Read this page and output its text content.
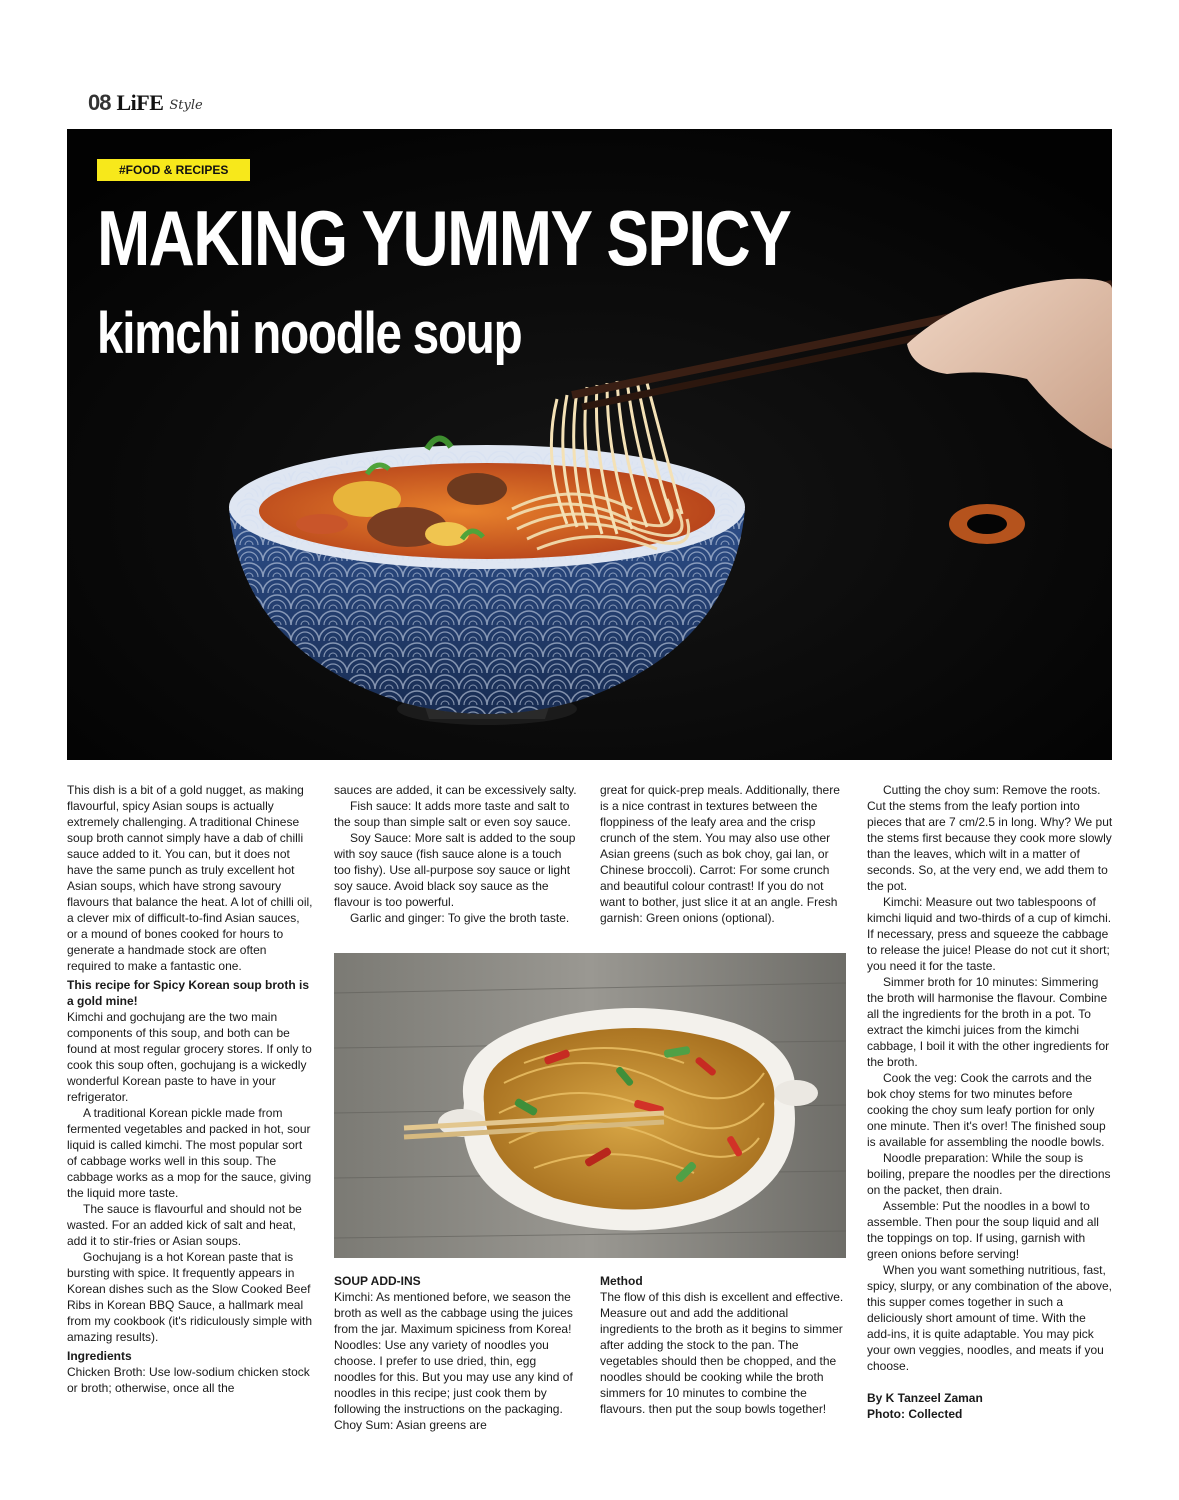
08 LiFE Style
#FOOD & RECIPES
MAKING YUMMY SPICY
kimchi noodle soup

This dish is a bit of a gold nugget, as making flavourful, spicy Asian soups is actually extremely challenging. A traditional Chinese soup broth cannot simply have a dab of chilli sauce added to it. You can, but it does not have the same punch as truly excellent hot Asian soups, which have strong savoury flavours that balance the heat. A lot of chilli oil, a clever mix of difficult-to-find Asian sauces, or a mound of bones cooked for hours to generate a handmade stock are often required to make a fantastic one.

This recipe for Spicy Korean soup broth is a gold mine!

Kimchi and gochujang are the two main components of this soup, and both can be found at most regular grocery stores. If only to cook this soup often, gochujang is a wickedly wonderful Korean paste to have in your refrigerator.

A traditional Korean pickle made from fermented vegetables and packed in hot, sour liquid is called kimchi. The most popular sort of cabbage works well in this soup. The cabbage works as a mop for the sauce, giving the liquid more taste.

The sauce is flavourful and should not be wasted. For an added kick of salt and heat, add it to stir-fries or Asian soups.

Gochujang is a hot Korean paste that is bursting with spice. It frequently appears in Korean dishes such as the Slow Cooked Beef Ribs in Korean BBQ Sauce, a hallmark meal from my cookbook (it's ridiculously simple with amazing results).

Ingredients

Chicken Broth: Use low-sodium chicken stock or broth; otherwise, once all the

sauces are added, it can be excessively salty.

Fish sauce: It adds more taste and salt to the soup than simple salt or even soy sauce.

Soy Sauce: More salt is added to the soup with soy sauce (fish sauce alone is a touch too fishy). Use all-purpose soy sauce or light soy sauce. Avoid black soy sauce as the flavour is too powerful.

Garlic and ginger: To give the broth taste.

great for quick-prep meals. Additionally, there is a nice contrast in textures between the floppiness of the leafy area and the crisp crunch of the stem. You may also use other Asian greens (such as bok choy, gai lan, or Chinese broccoli). Carrot: For some crunch and beautiful colour contrast! If you do not want to bother, just slice it at an angle. Fresh garnish: Green onions (optional).

SOUP ADD-INS

Kimchi: As mentioned before, we season the broth as well as the cabbage using the juices from the jar. Maximum spiciness from Korea! Noodles: Use any variety of noodles you choose. I prefer to use dried, thin, egg noodles for this. But you may use any kind of noodles in this recipe; just cook them by following the instructions on the packaging. Choy Sum: Asian greens are

Method

The flow of this dish is excellent and effective. Measure out and add the additional ingredients to the broth as it begins to simmer after adding the stock to the pan. The vegetables should then be chopped, and the noodles should be cooking while the broth simmers for 10 minutes to combine the flavours. then put the soup bowls together!

Cutting the choy sum: Remove the roots. Cut the stems from the leafy portion into pieces that are 7 cm/2.5 in long. Why? We put the stems first because they cook more slowly than the leaves, which wilt in a matter of seconds. So, at the very end, we add them to the pot.

Kimchi: Measure out two tablespoons of kimchi liquid and two-thirds of a cup of kimchi. If necessary, press and squeeze the cabbage to release the juice! Please do not cut it short; you need it for the taste.

Simmer broth for 10 minutes: Simmering the broth will harmonise the flavour. Combine all the ingredients for the broth in a pot. To extract the kimchi juices from the kimchi cabbage, I boil it with the other ingredients for the broth.

Cook the veg: Cook the carrots and the bok choy stems for two minutes before cooking the choy sum leafy portion for only one minute. Then it's over! The finished soup is available for assembling the noodle bowls.

Noodle preparation: While the soup is boiling, prepare the noodles per the directions on the packet, then drain.

Assemble: Put the noodles in a bowl to assemble. Then pour the soup liquid and all the toppings on top. If using, garnish with green onions before serving!

When you want something nutritious, fast, spicy, slurpy, or any combination of the above, this supper comes together in such a deliciously short amount of time. With the add-ins, it is quite adaptable. You may pick your own veggies, noodles, and meats if you choose.

By K Tanzeel Zaman

Photo: Collected
